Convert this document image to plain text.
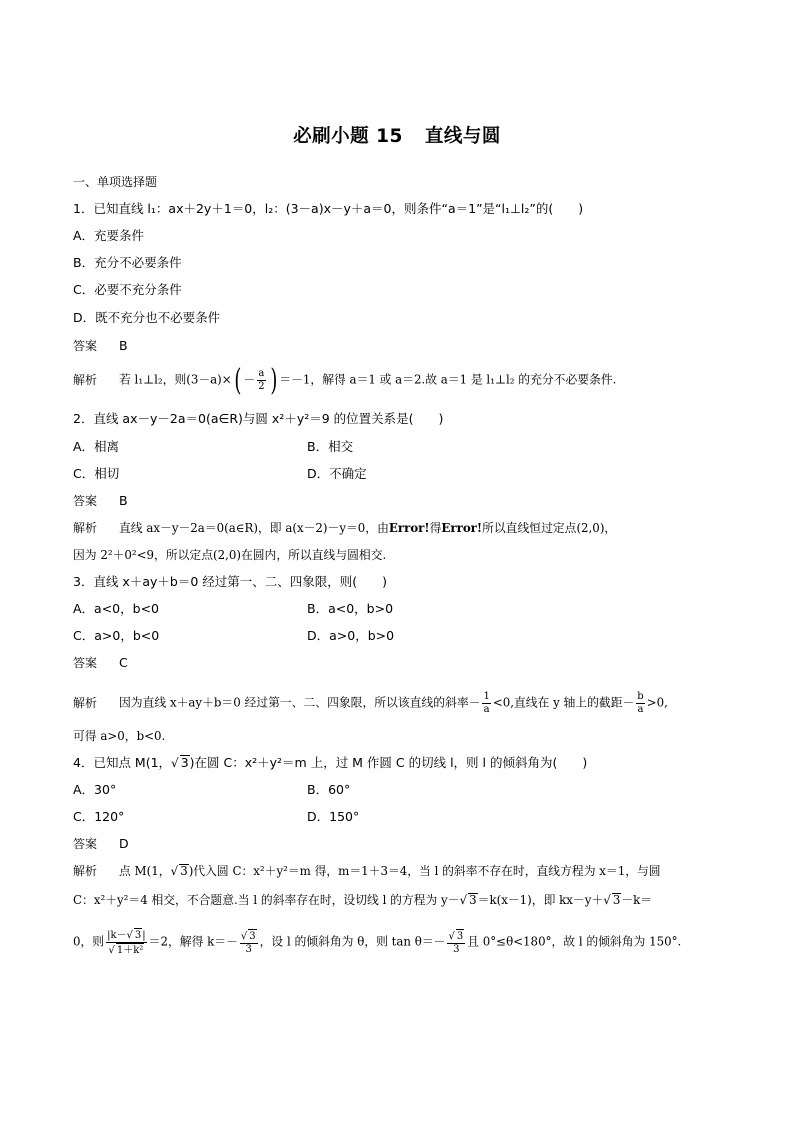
必刷小题 15 直线与圆
一、单项选择题
1．已知直线 l₁：ax＋2y＋1＝0，l₂：(3－a)x－y＋a＝0，则条件“a＝1”是“l₁⊥l₂”的(　　)
A．充要条件
B．充分不必要条件
C．必要不充分条件
D．既不充分也不必要条件
答案 B
解析 若 l₁⊥l₂，则$(3-a)\times( - \frac{a}{2}$ ) ＝－1，解得 a＝1 或 a＝2.故 a＝1 是 l₁⊥l₂ 的充分不必要条件.
2．直线 ax－y－2a＝0(a∈R)与圆 x²＋y²＝9 的位置关系是(　　)
A．相离	B．相交
C．相切	D．不确定
答案 B
解析 直线 ax－y－2a＝0(a∈R)，即 a(x－2)－y＝0，由Error!得Error!所以直线恒过定点(2,0)，
因为 2²＋0²<9，所以定点(2,0)在圆内，所以直线与圆相交.
3．直线 x＋ay＋b＝0 经过第一、二、四象限，则(　　)
A．a<0，b<0	B．a<0，b>0
C．a>0，b<0	D．a>0，b>0
答案 C
解析 因为直线 x＋ay＋b＝0 经过第一、二、四象限，所以该直线的斜率－ $\frac{1}{a} <0$,直线在 y 轴上的截距－ $\frac{b}{a} >0$,
可得 a>0，b<0.
4．已知点 M(1，√ 3)在圆 C：x²＋y²＝m 上，过 M 作圆 C 的切线 l，则 l 的倾斜角为(　　)
A．30°	B．60°
C．120°	D．150°
答案 D
解析 点 M(1，√ 3)代入圆 C：x²＋y²＝m 得，m＝1＋3＝4，当 l 的斜率不存在时，直线方程为 x＝1，与圆
C：x²＋y²＝4 相交，不合题意.当 l 的斜率存在时，设切线 l 的方程为 y－√ 3＝k(x－1)，即 kx－y＋√ 3－k＝
0，则 $\frac{|k-√ 3|}{\text{√ 1＋k²}} =2$，解得 $k=- \frac{√ 3}{3}$ ，设 l 的倾斜角为 θ，则 $\tan \theta=- \frac{√ 3}{3}$ 且 0°≤θ<180°，故 l 的倾斜角为 150°.
